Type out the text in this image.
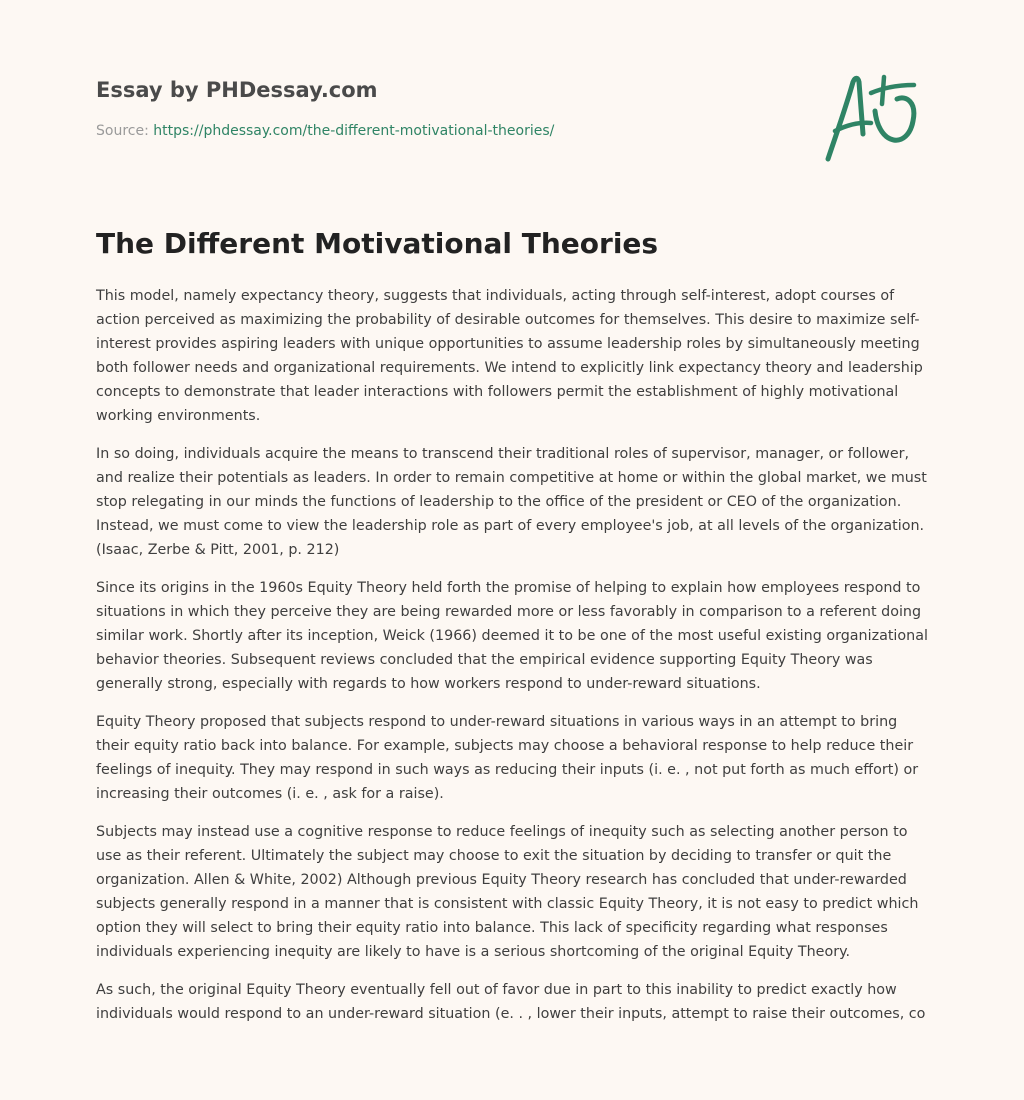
Essay by PHDessay.com
Source: https://phdessay.com/the-different-motivational-theories/
The Different Motivational Theories

This model, namely expectancy theory, suggests that individuals, acting through self-interest, adopt courses of action perceived as maximizing the probability of desirable outcomes for themselves. This desire to maximize self-interest provides aspiring leaders with unique opportunities to assume leadership roles by simultaneously meeting both follower needs and organizational requirements. We intend to explicitly link expectancy theory and leadership concepts to demonstrate that leader interactions with followers permit the establishment of highly motivational working environments.

In so doing, individuals acquire the means to transcend their traditional roles of supervisor, manager, or follower, and realize their potentials as leaders. In order to remain competitive at home or within the global market, we must stop relegating in our minds the functions of leadership to the office of the president or CEO of the organization. Instead, we must come to view the leadership role as part of every employee's job, at all levels of the organization. (Isaac, Zerbe & Pitt, 2001, p. 212)

Since its origins in the 1960s Equity Theory held forth the promise of helping to explain how employees respond to situations in which they perceive they are being rewarded more or less favorably in comparison to a referent doing similar work. Shortly after its inception, Weick (1966) deemed it to be one of the most useful existing organizational behavior theories. Subsequent reviews concluded that the empirical evidence supporting Equity Theory was generally strong, especially with regards to how workers respond to under-reward situations.

Equity Theory proposed that subjects respond to under-reward situations in various ways in an attempt to bring their equity ratio back into balance. For example, subjects may choose a behavioral response to help reduce their feelings of inequity. They may respond in such ways as reducing their inputs (i. e. , not put forth as much effort) or increasing their outcomes (i. e. , ask for a raise).

Subjects may instead use a cognitive response to reduce feelings of inequity such as selecting another person to use as their referent. Ultimately the subject may choose to exit the situation by deciding to transfer or quit the organization. Allen & White, 2002) Although previous Equity Theory research has concluded that under-rewarded subjects generally respond in a manner that is consistent with classic Equity Theory, it is not easy to predict which option they will select to bring their equity ratio into balance. This lack of specificity regarding what responses individuals experiencing inequity are likely to have is a serious shortcoming of the original Equity Theory.

As such, the original Equity Theory eventually fell out of favor due in part to this inability to predict exactly how individuals would respond to an under-reward situation (e. . , lower their inputs, attempt to raise their outcomes, co
